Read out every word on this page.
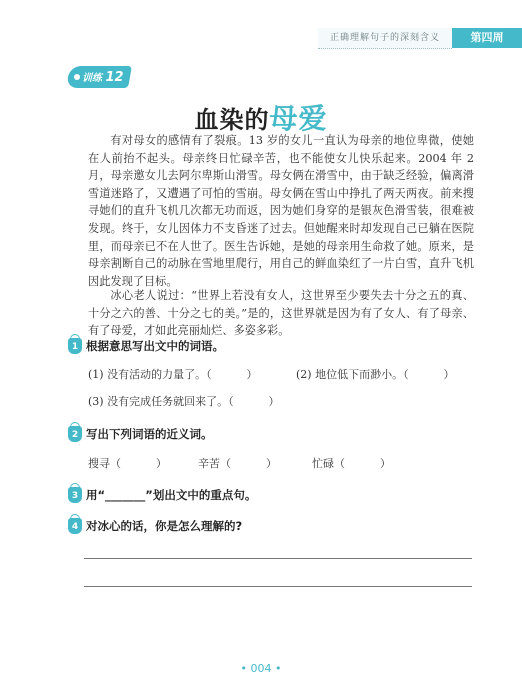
正确理解句子的深刻含义	第四周
训练 12
血染的母爱

有对母女的感情有了裂痕。13 岁的女儿一直认为母亲的地位卑微，使她在人前抬不起头。母亲终日忙碌辛苦，也不能使女儿快乐起来。2004 年 2 月，母亲邀女儿去阿尔卑斯山滑雪。母女俩在滑雪中，由于缺乏经验，偏离滑雪道迷路了，又遭遇了可怕的雪崩。母女俩在雪山中挣扎了两天两夜。前来搜寻她们的直升飞机几次都无功而返，因为她们身穿的是银灰色滑雪装，很难被发现。终于，女儿因体力不支昏迷了过去。但她醒来时却发现自己已躺在医院里，而母亲已不在人世了。医生告诉她，是她的母亲用生命救了她。原来，是母亲割断自己的动脉在雪地里爬行，用自己的鲜血染红了一片白雪，直升飞机因此发现了目标。

冰心老人说过：“世界上若没有女人，这世界至少要失去十分之五的真、十分之六的善、十分之七的美。”是的，这世界就是因为有了女人、有了母亲、有了母爱，才如此亮丽灿烂、多姿多彩。

1 根据意思写出文中的词语。
(1) 没有活动的力量了。（          ）	(2) 地位低下而渺小。（          ）
(3) 没有完成任务就回来了。（          ）
2 写出下列词语的近义词。
搜寻（          ）	辛苦（          ）	忙碌（          ）
3 用“_______”划出文中的重点句。
4 对冰心的话，你是怎么理解的?
• 004 •
